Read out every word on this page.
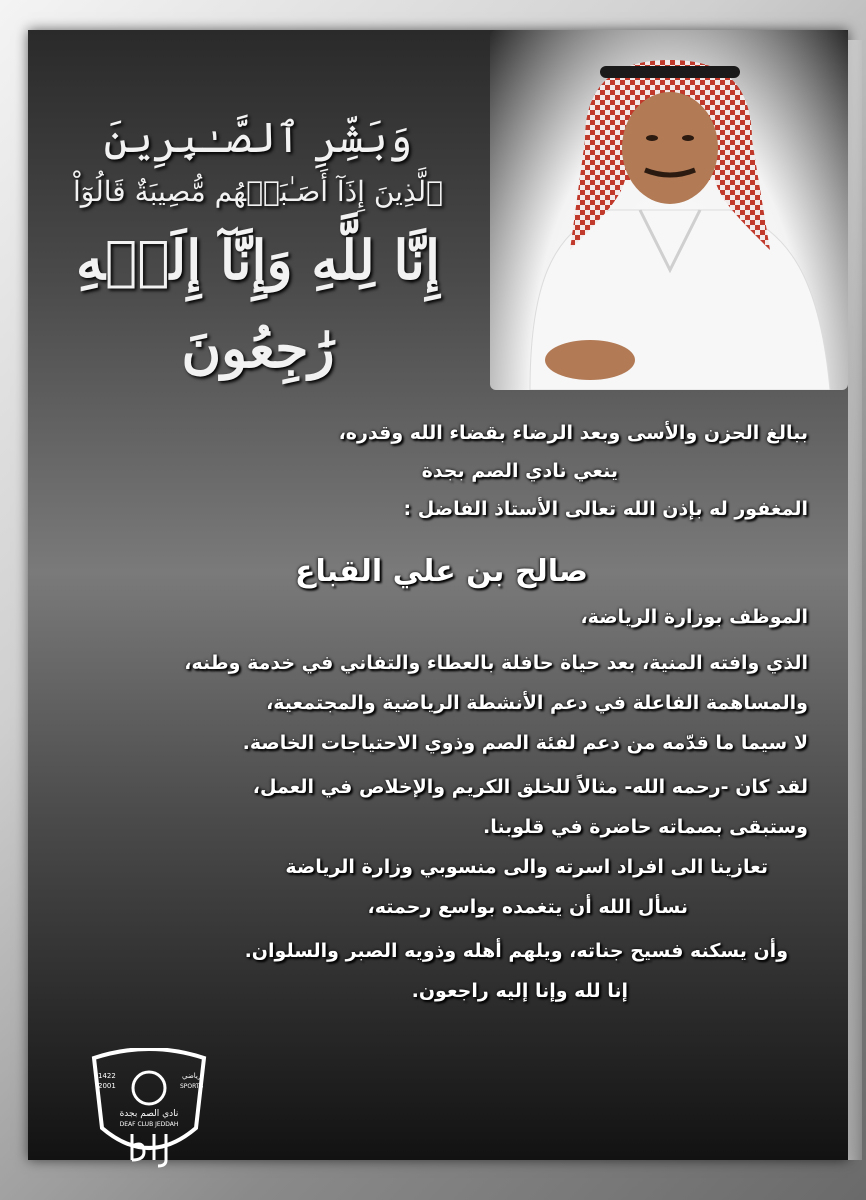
وَبَشِّرِ ٱلصَّـٰبِرِينَ
ٱلَّذِينَ إِذَآ أَصَـٰبَتۡهُم مُّصِيبَةٌ قَالُوٓاْ
إِنَّا لِلَّهِ وَإِنَّآ إِلَيۡهِ رَٰجِعُونَ
ببالغ الحزن والأسى وبعد الرضاء بقضاء الله وقدره،
ينعي نادي الصم بجدة
المغفور له بإذن الله تعالى الأستاذ الفاضل :
صالح بن علي القباع
الموظف بوزارة الرياضة،
الذي وافته المنية، بعد حياة حافلة بالعطاء والتفاني في خدمة وطنه،
والمساهمة الفاعلة في دعم الأنشطة الرياضية والمجتمعية،
لا سيما ما قدّمه من دعم لفئة الصم وذوي الاحتياجات الخاصة.
لقد كان -رحمه الله- مثالاً للخلق الكريم والإخلاص في العمل،
وستبقى بصماته حاضرة في قلوبنا.
تعازينا الى افراد اسرته والى منسوبي وزارة الرياضة
نسأل الله أن يتغمده بواسع رحمته،
وأن يسكنه فسيح جناته، ويلهم أهله وذويه الصبر والسلوان.
إنا لله وإنا إليه راجعون.
1422
2001
رياضي
SPORTS
نادي الصم بجدة
DEAF CLUB JEDDAH
